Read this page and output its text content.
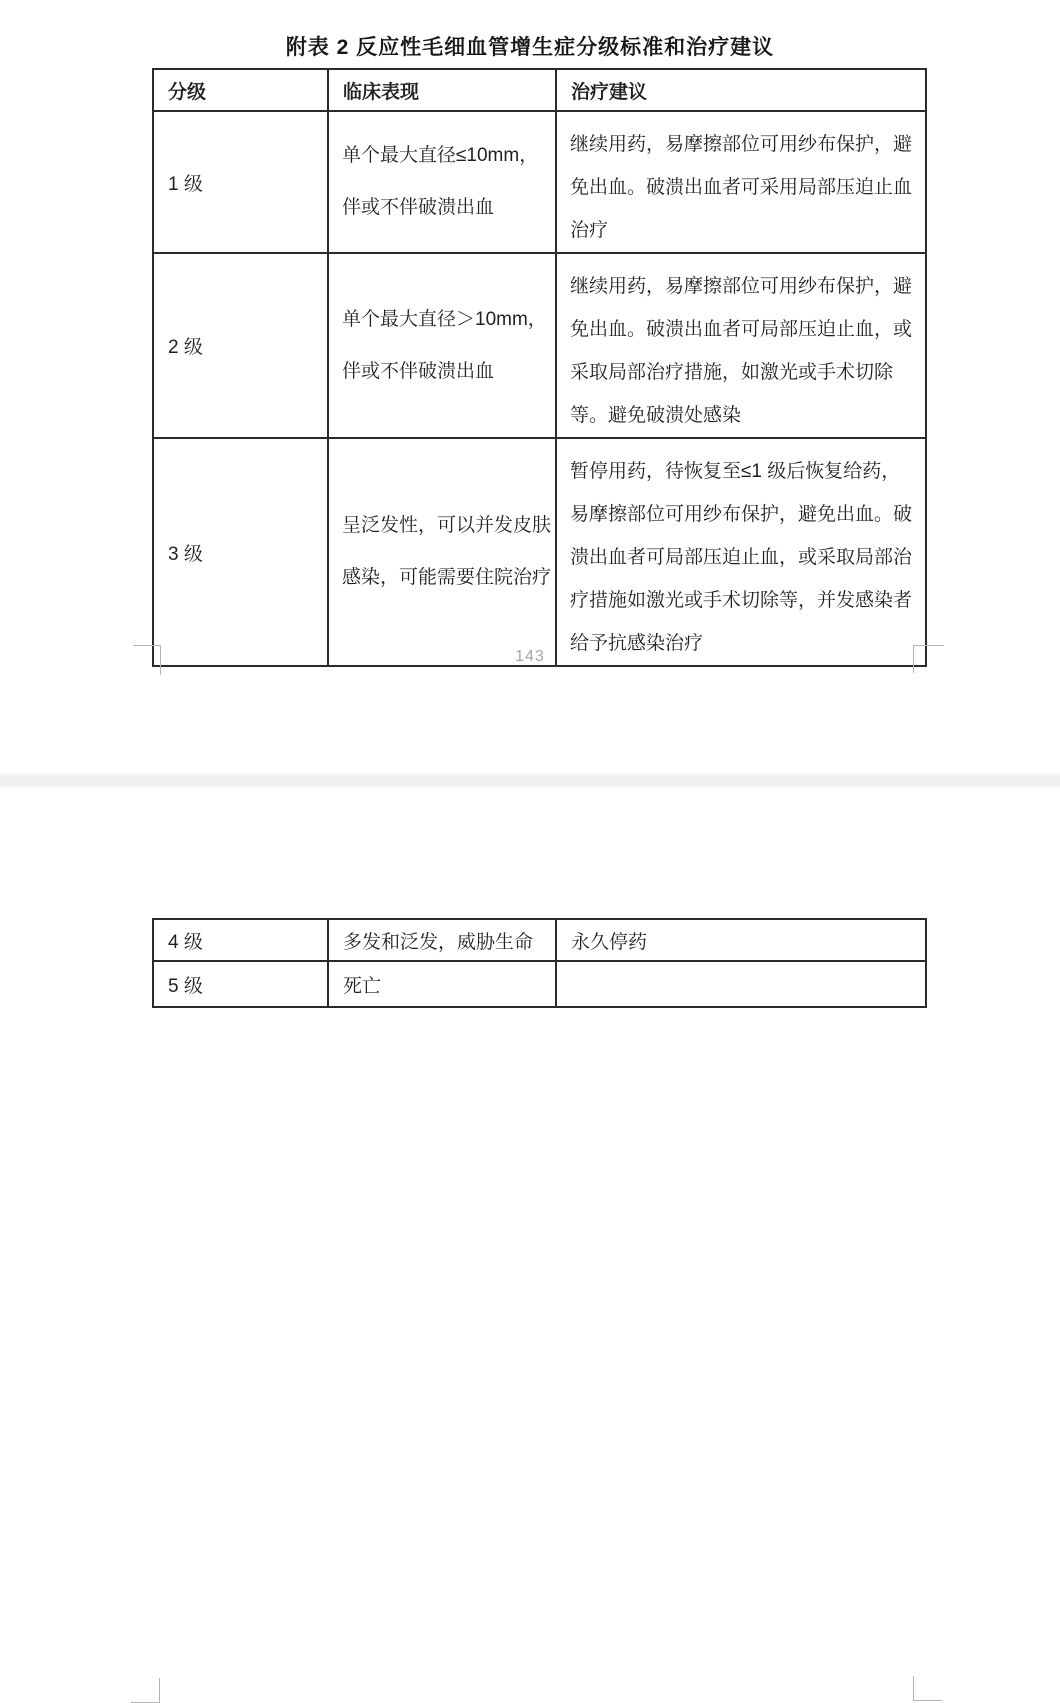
附表 2 反应性毛细血管增生症分级标准和治疗建议
分级	临床表现	治疗建议
1 级	单个最大直径≤10mm，伴或不伴破溃出血	继续用药，易摩擦部位可用纱布保护，避免出血。破溃出血者可采用局部压迫止血治疗
2 级	单个最大直径＞10mm，伴或不伴破溃出血	继续用药，易摩擦部位可用纱布保护，避免出血。破溃出血者可局部压迫止血，或采取局部治疗措施，如激光或手术切除等。避免破溃处感染
3 级	呈泛发性，可以并发皮肤感染，可能需要住院治疗	暂停用药，待恢复至≤1 级后恢复给药，易摩擦部位可用纱布保护，避免出血。破溃出血者可局部压迫止血，或采取局部治疗措施如激光或手术切除等，并发感染者给予抗感染治疗
143
4 级	多发和泛发，威胁生命	永久停药
5 级	死亡	
